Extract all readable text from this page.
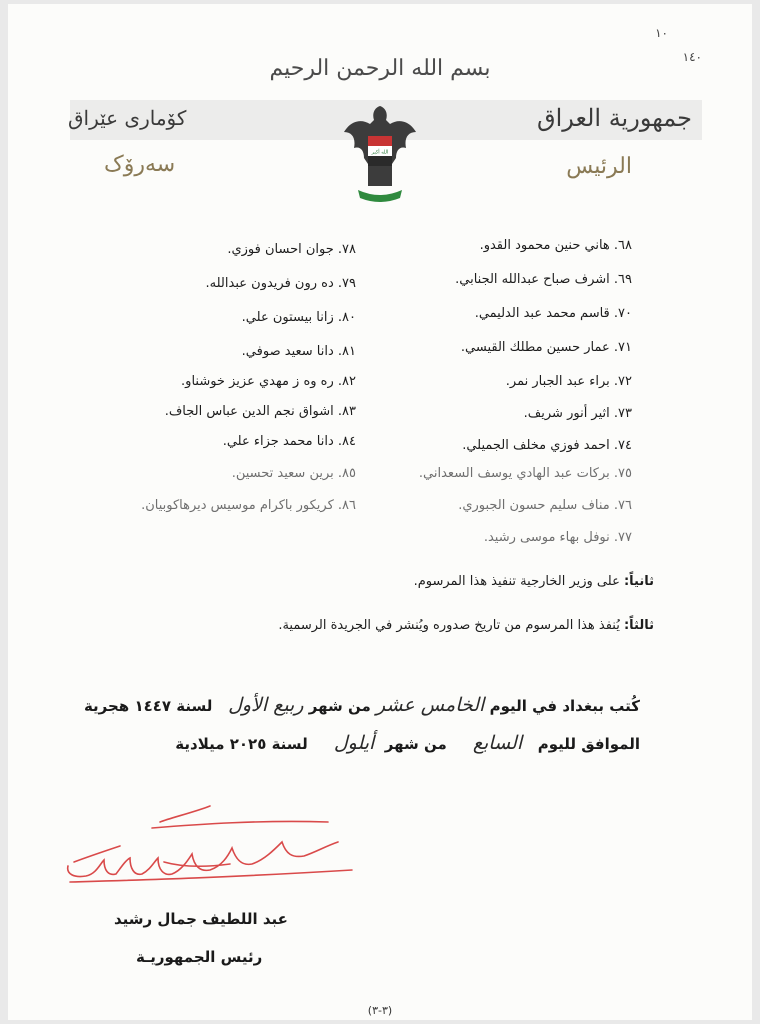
١٠
١٤٠
بسم الله الرحمن الرحيم
جمهورية العراق
کۆماری عێراق
الرئيس
سەرۆک	الله أكبر
٦٨. هاني حنين محمود القدو.
٦٩. اشرف صباح عبدالله الجنابي.
٧٠. قاسم محمد عبد الدليمي.
٧١. عمار حسين مطلك القيسي.
٧٢. براء عبد الجبار نمر.
٧٣. اثير أنور شريف.
٧٤. احمد فوزي مخلف الجميلي.
٧٥. بركات عبد الهادي يوسف السعداني.
٧٦. مناف سليم حسون الجبوري.
٧٧. نوفل بهاء موسى رشيد.
٧٨. جوان احسان فوزي.
٧٩. ده رون فريدون عبدالله.
٨٠. زانا بيستون علي.
٨١. دانا سعيد صوفي.
٨٢. ره وه ز مهدي عزيز خوشناو.
٨٣. اشواق نجم الدين عباس الجاف.
٨٤. دانا محمد جزاء علي.
٨٥. برين سعيد تحسين.
٨٦. كريكور باكرام موسيس ديرهاكوبيان.
ثانياً: على وزير الخارجية تنفيذ هذا المرسوم.
ثالثاً: يُنفذ هذا المرسوم من تاريخ صدوره ويُنشر في الجريدة الرسمية.
كُتب ببغداد في اليوم الخامس عشر من شهر ربيع الأول   لسنة ١٤٤٧ هجرية
الموافق لليوم   السابع     من شهر  أيلول     لسنة ٢٠٢٥ ميلادية
عبد اللطيف جمال رشيد
رئيس الجمهوريـة
(٣-٣)
